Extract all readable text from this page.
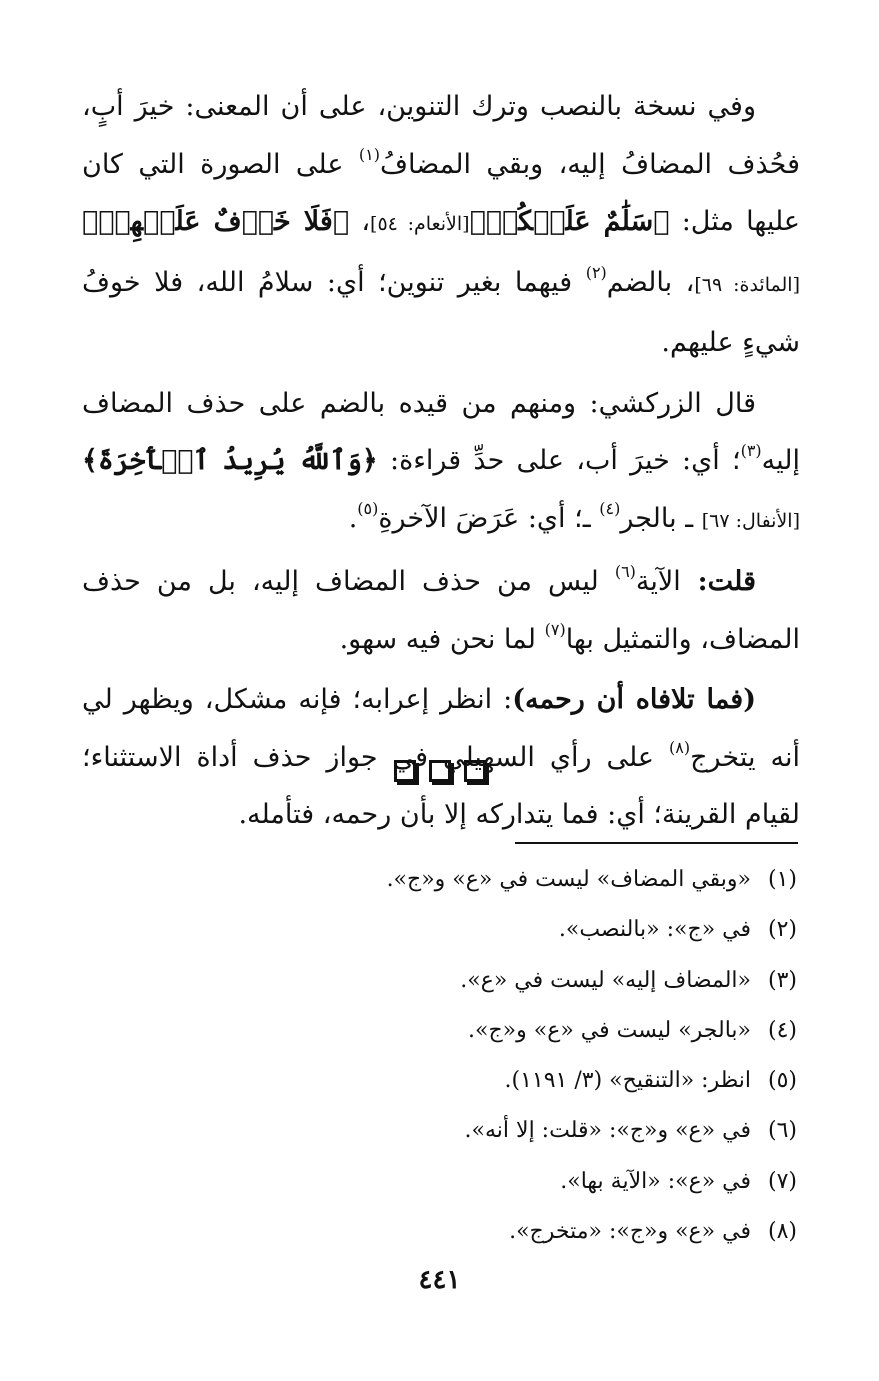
وفي نسخة بالنصب وترك التنوين، على أن المعنى: خيرَ أبٍ، فحُذف المضافُ إليه، وبقي المضافُ$^{(١)}$ على الصورة التي كان عليها مثل: ﴿سَلَٰمٌ عَلَيۡكُمۡ﴾[الأنعام: ٥٤]، ﴿فَلَا خَوۡفٌ عَلَيۡهِمۡ﴾[المائدة: ٦٩]، بالضم$^{(٢)}$ فيهما بغير تنوين؛ أي: سلامُ الله، فلا خوفُ شيءٍ عليهم.

قال الزركشي: ومنهم من قيده بالضم على حذف المضاف إليه$^{(٣)}$؛ أي: خيرَ أب، على حدِّ قراءة: ﴿وَٱللَّهُ يُرِيدُ ٱلۡأٓخِرَةَ﴾[الأنفال: ٦٧] ـ بالجر$^{(٤)}$ ـ؛ أي: عَرَضَ الآخرةِ$^{(٥)}$.

قلت: الآية$^{(٦)}$ ليس من حذف المضاف إليه، بل من حذف المضاف، والتمثيل بها$^{(٧)}$ لما نحن فيه سهو.

(فما تلافاه أن رحمه): انظر إعرابه؛ فإنه مشكل، ويظهر لي أنه يتخرج$^{(٨)}$ على رأي السهيلي في جواز حذف أداة الاستثناء؛ لقيام القرينة؛ أي: فما يتداركه إلا بأن رحمه، فتأمله.

(١)
«وبقي المضاف» ليست في «ع» و«ج».
(٢)
في «ج»: «بالنصب».
(٣)
«المضاف إليه» ليست في «ع».
(٤)
«بالجر» ليست في «ع» و«ج».
(٥)
انظر: «التنقيح» (٣/ ١١٩١).
(٦)
في «ع» و«ج»: «قلت: إلا أنه».
(٧)
في «ع»: «الآية بها».
(٨)
في «ع» و«ج»: «متخرج».
٤٤١
